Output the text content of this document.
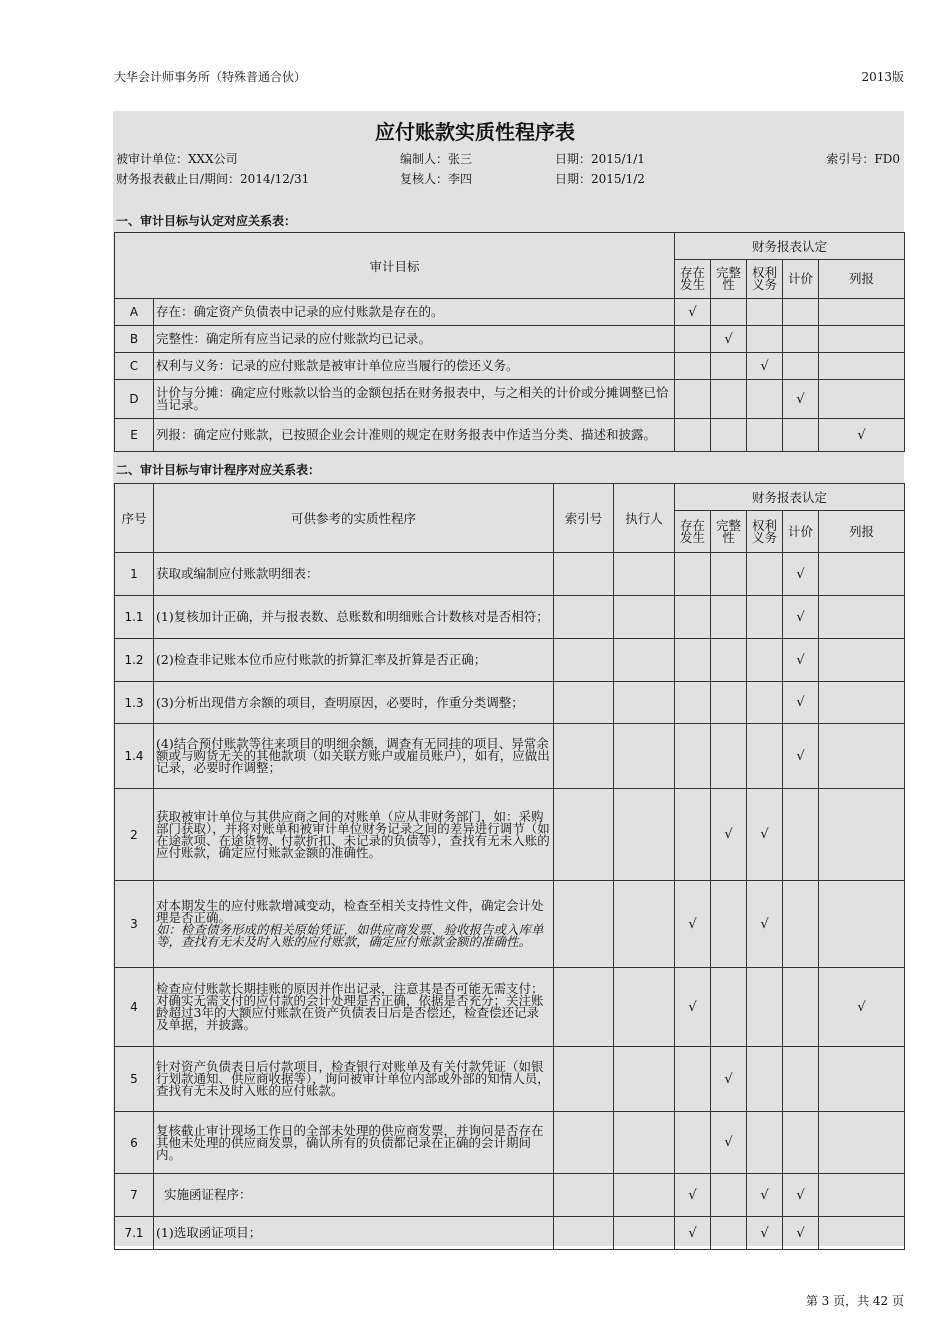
大华会计师事务所（特殊普通合伙）	2013版
应付账款实质性程序表
被审计单位：XXX公司	编制人：张三	日期：2015/1/1	索引号：FD0
财务报表截止日/期间：2014/12/31	复核人：李四	日期：2015/1/2
一、审计目标与认定对应关系表：
审计目标		财务报表认定				
		存在发生	完整性	权利义务	计价	列报
A	存在：确定资产负债表中记录的应付账款是存在的。	√				
B	完整性：确定所有应当记录的应付账款均已记录。		√			
C	权利与义务：记录的应付账款是被审计单位应当履行的偿还义务。			√		
D	计价与分摊：确定应付账款以恰当的金额包括在财务报表中，与之相关的计价或分摊调整已恰当记录。				√	
E	列报：确定应付账款，已按照企业会计准则的规定在财务报表中作适当分类、描述和披露。					√
二、审计目标与审计程序对应关系表：
序号	可供参考的实质性程序	索引号	执行人	财务报表认定				
				存在发生	完整性	权利义务	计价	列报
1	获取或编制应付账款明细表：						√	
1.1	(1)复核加计正确，并与报表数、总账数和明细账合计数核对是否相符；						√	
1.2	(2)检查非记账本位币应付账款的折算汇率及折算是否正确；						√	
1.3	(3)分析出现借方余额的项目，查明原因，必要时，作重分类调整；						√	
1.4	(4)结合预付账款等往来项目的明细余额，调查有无同挂的项目、异常余额或与购货无关的其他款项（如关联方账户或雇员账户），如有，应做出记录，必要时作调整；						√	
2	获取被审计单位与其供应商之间的对账单（应从非财务部门，如：采购部门获取），并将对账单和被审计单位财务记录之间的差异进行调节（如在途款项、在途货物、付款折扣、未记录的负债等），查找有无未入账的应付账款，确定应付账款金额的准确性。				√	√		
3	对本期发生的应付账款增减变动，检查至相关支持性文件，确定会计处理是否正确。
如：检查债务形成的相关原始凭证，如供应商发票、验收报告或入库单等，查找有无未及时入账的应付账款，确定应付账款金额的准确性。			√		√		
4	检查应付账款长期挂账的原因并作出记录，注意其是否可能无需支付；对确实无需支付的应付款的会计处理是否正确，依据是否充分；关注账龄超过3年的大额应付账款在资产负债表日后是否偿还，检查偿还记录及单据，并披露。			√				√
5	针对资产负债表日后付款项目，检查银行对账单及有关付款凭证（如银行划款通知、供应商收据等），询问被审计单位内部或外部的知情人员，查找有无未及时入账的应付账款。				√			
6	复核截止审计现场工作日的全部未处理的供应商发票，并询问是否存在其他未处理的供应商发票，确认所有的负债都记录在正确的会计期间内。				√			
7	实施函证程序：			√		√	√	
7.1	(1)选取函证项目；			√		√	√	
第 3 页，共 42 页
